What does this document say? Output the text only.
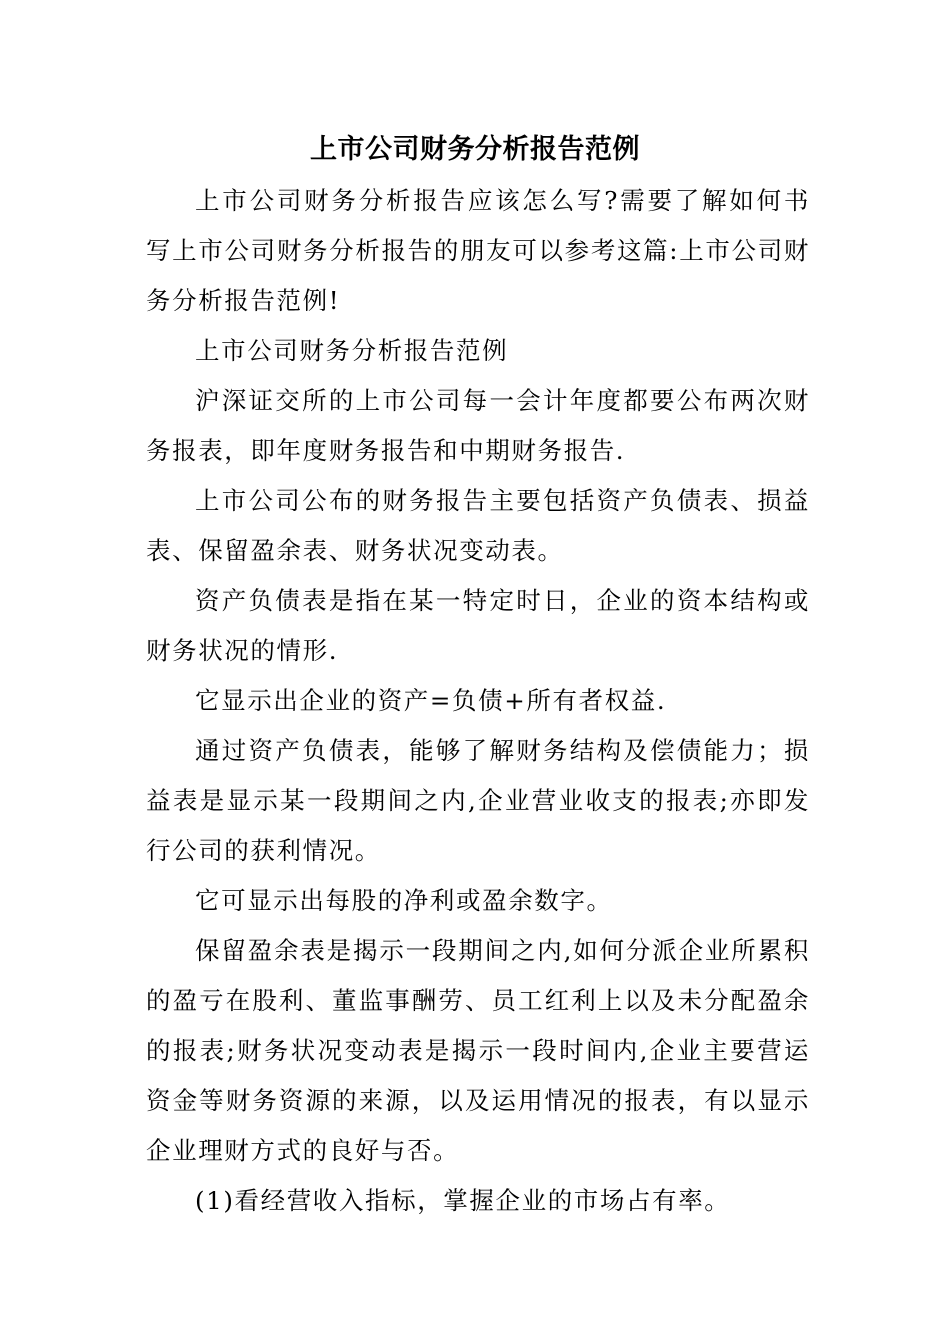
上市公司财务分析报告范例

上市公司财务分析报告应该怎么写?需要了解如何书写上市公司财务分析报告的朋友可以参考这篇:上市公司财务分析报告范例!

上市公司财务分析报告范例

沪深证交所的上市公司每一会计年度都要公布两次财务报表，即年度财务报告和中期财务报告.

上市公司公布的财务报告主要包括资产负债表、损益表、保留盈余表、财务状况变动表。

资产负债表是指在某一特定时日，企业的资本结构或财务状况的情形.

它显示出企业的资产=负债+所有者权益.

通过资产负债表，能够了解财务结构及偿债能力；损益表是显示某一段期间之内,企业营业收支的报表;亦即发行公司的获利情况。

它可显示出每股的净利或盈余数字。

保留盈余表是揭示一段期间之内,如何分派企业所累积的盈亏在股利、董监事酬劳、员工红利上以及未分配盈余的报表;财务状况变动表是揭示一段时间内,企业主要营运资金等财务资源的来源，以及运用情况的报表，有以显示企业理财方式的良好与否。

(1)看经营收入指标，掌握企业的市场占有率。
